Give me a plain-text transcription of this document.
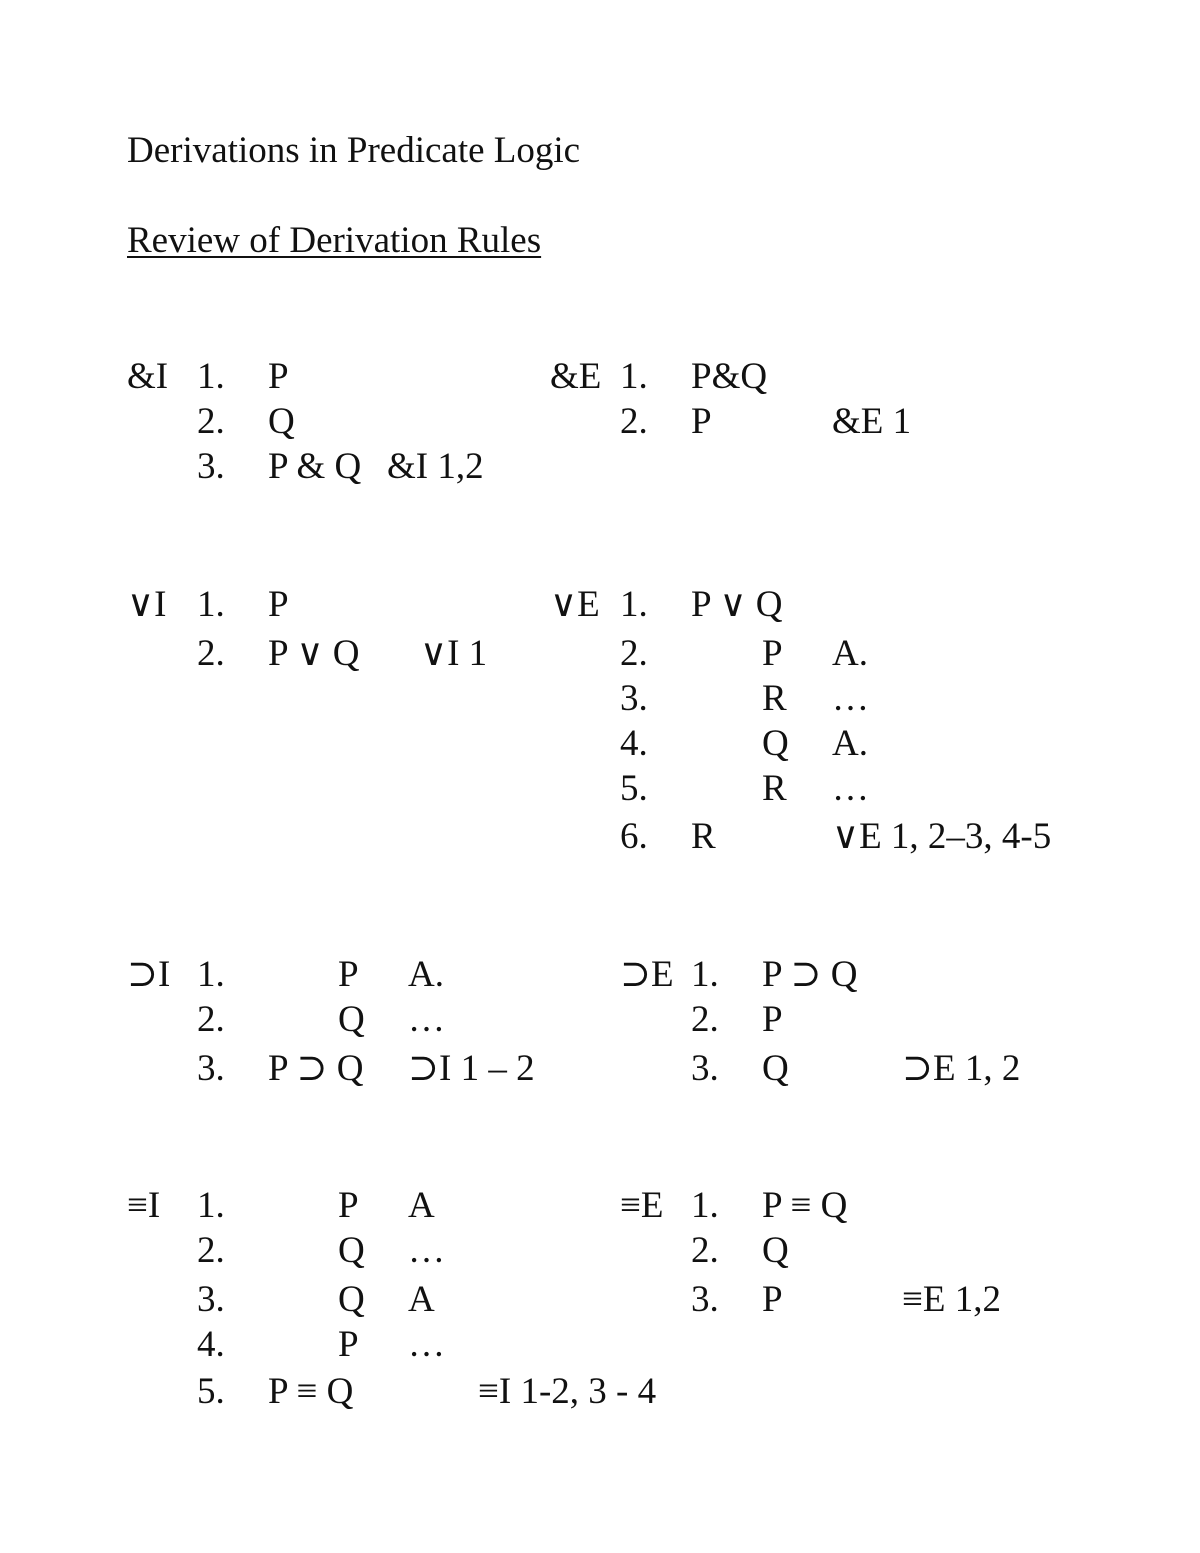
Derivations in Predicate Logic
Review of Derivation Rules
&I 1. P
2. Q
3. P & Q &I 1,2
&E 1. P&Q
2. P	&E 1
∨I 1. P
2. P ∨ Q ∨I 1
∨E 1. P ∨ Q
2.	P A.
3.	R …
4.	Q A.
5.	R …
6. R	∨E 1, 2–3, 4-5
⊃I 1.	P A.
2.	Q …
3. P ⊃ Q ⊃I 1 – 2
⊃E 1. P ⊃ Q
2. P
3. Q	⊃E 1, 2
≡I 1.	P A
2.	Q …
3.	Q A
4.	P …
5. P ≡ Q	≡I 1-2, 3 - 4
≡E 1. P ≡ Q
2. Q
3. P	≡E 1,2
